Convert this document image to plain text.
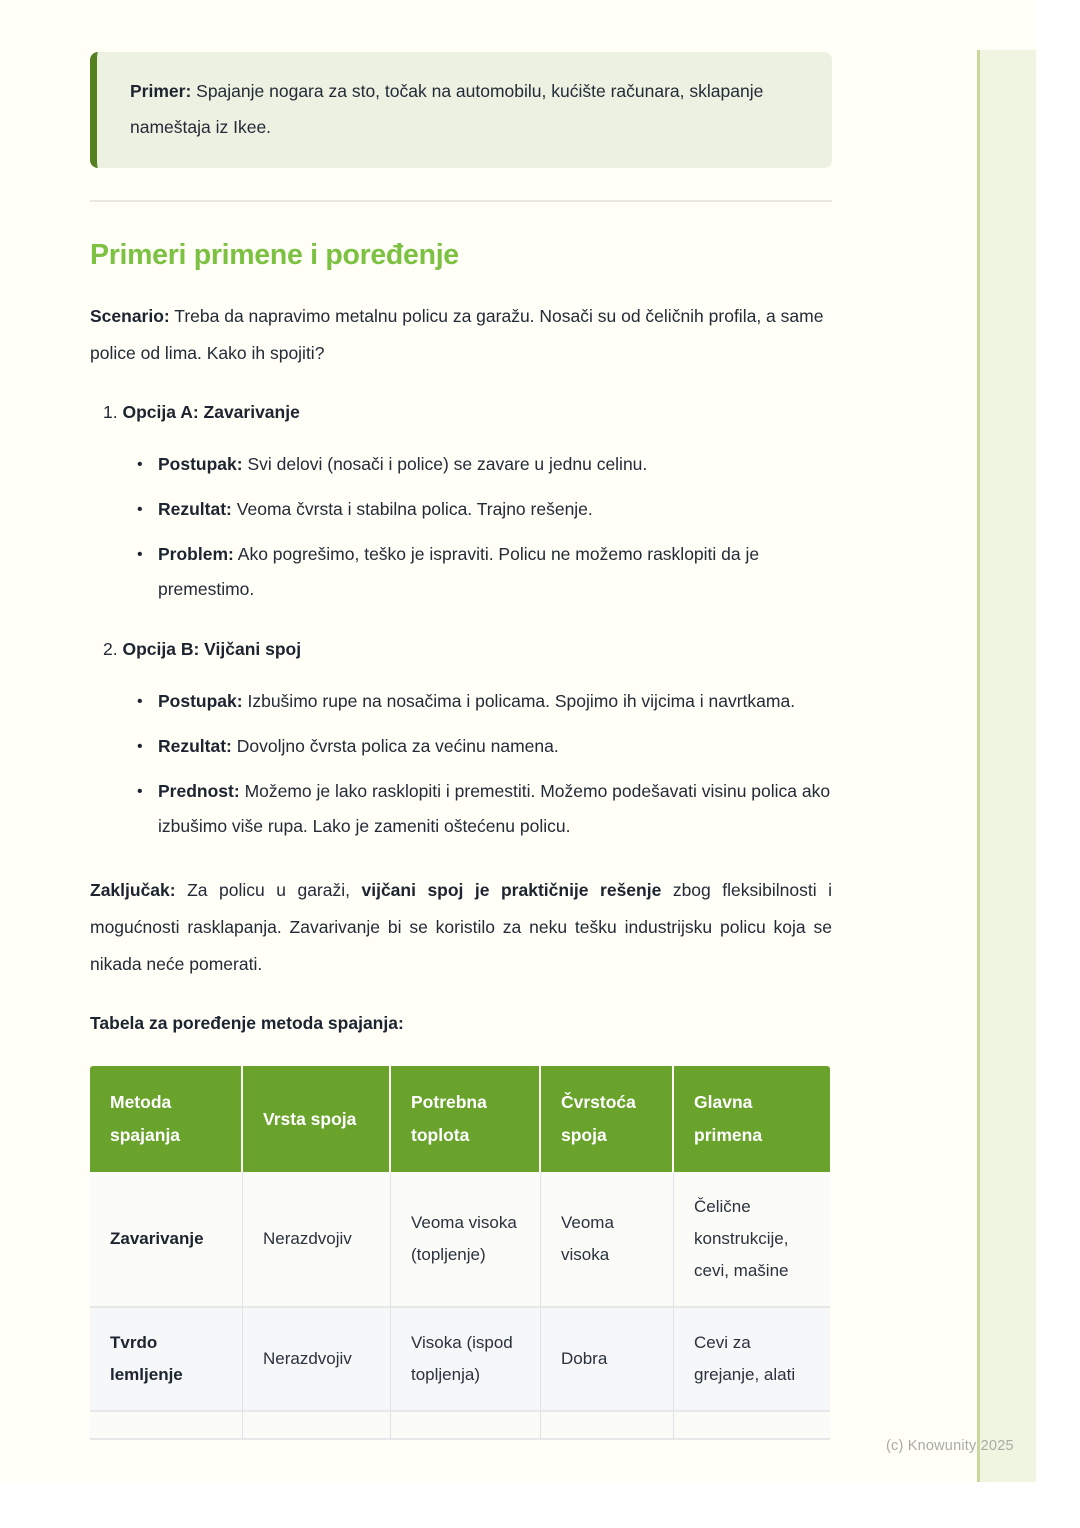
Primer: Spajanje nogara za sto, točak na automobilu, kućište računara, sklapanje nameštaja iz Ikee.
Primeri primene i poređenje

Scenario: Treba da napravimo metalnu policu za garažu. Nosači su od čeličnih profila, a same police od lima. Kako ih spojiti?

1. Opcija A: Zavarivanje
• Postupak: Svi delovi (nosači i police) se zavare u jednu celinu.
• Rezultat: Veoma čvrsta i stabilna polica. Trajno rešenje.
• Problem: Ako pogrešimo, teško je ispraviti. Policu ne možemo rasklopiti da je premestimo.
2. Opcija B: Vijčani spoj
• Postupak: Izbušimo rupe na nosačima i policama. Spojimo ih vijcima i navrtkama.
• Rezultat: Dovoljno čvrsta polica za većinu namena.
• Prednost: Možemo je lako rasklopiti i premestiti. Možemo podešavati visinu polica ako izbušimo više rupa. Lako je zameniti oštećenu policu.

Zaključak: Za policu u garaži, vijčani spoj je praktičnije rešenje zbog fleksibilnosti i mogućnosti rasklapanja. Zavarivanje bi se koristilo za neku tešku industrijsku policu koja se nikada neće pomerati.

Tabela za poređenje metoda spajanja:

Metoda spajanja	Vrsta spoja	Potrebna toplota	Čvrstoća spoja	Glavna primena
Zavarivanje	Nerazdvojiv	Veoma visoka (topljenje)	Veoma visoka	Čelične konstrukcije, cevi, mašine
Tvrdo lemljenje	Nerazdvojiv	Visoka (ispod topljenja)	Dobra	Cevi za grejanje, alati

(c) Knowunity 2025
